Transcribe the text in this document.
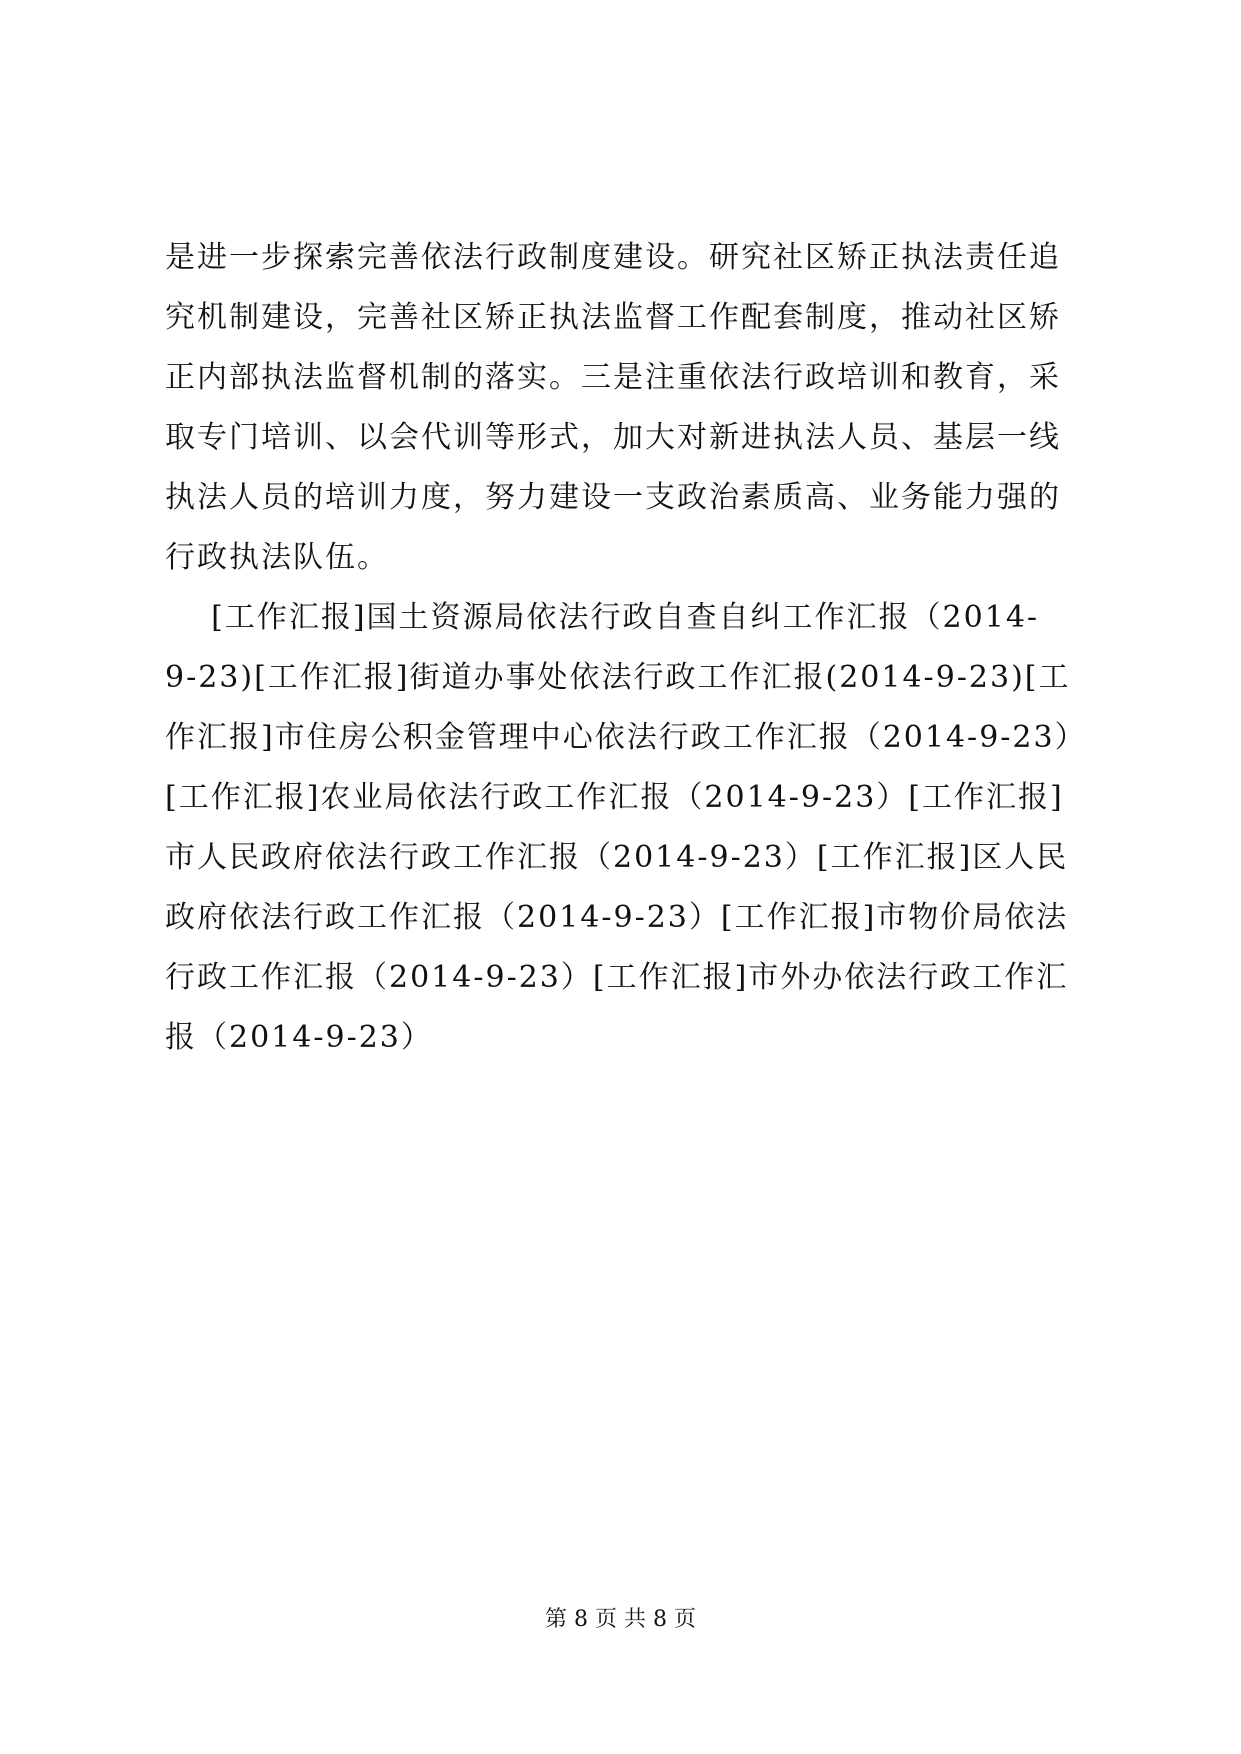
是进一步探索完善依法行政制度建设。研究社区矫正执法责任追
究机制建设，完善社区矫正执法监督工作配套制度，推动社区矫
正内部执法监督机制的落实。三是注重依法行政培训和教育，采
取专门培训、以会代训等形式，加大对新进执法人员、基层一线
执法人员的培训力度，努力建设一支政治素质高、业务能力强的
行政执法队伍。
[工作汇报]国土资源局依法行政自查自纠工作汇报（2014-
9-23)[工作汇报]街道办事处依法行政工作汇报(2014-9-23)[工
作汇报]市住房公积金管理中心依法行政工作汇报（2014-9-23）
[工作汇报]农业局依法行政工作汇报（2014-9-23）[工作汇报]
市人民政府依法行政工作汇报（2014-9-23）[工作汇报]区人民
政府依法行政工作汇报（2014-9-23）[工作汇报]市物价局依法
行政工作汇报（2014-9-23）[工作汇报]市外办依法行政工作汇
报（2014-9-23）
第 8 页 共 8 页
